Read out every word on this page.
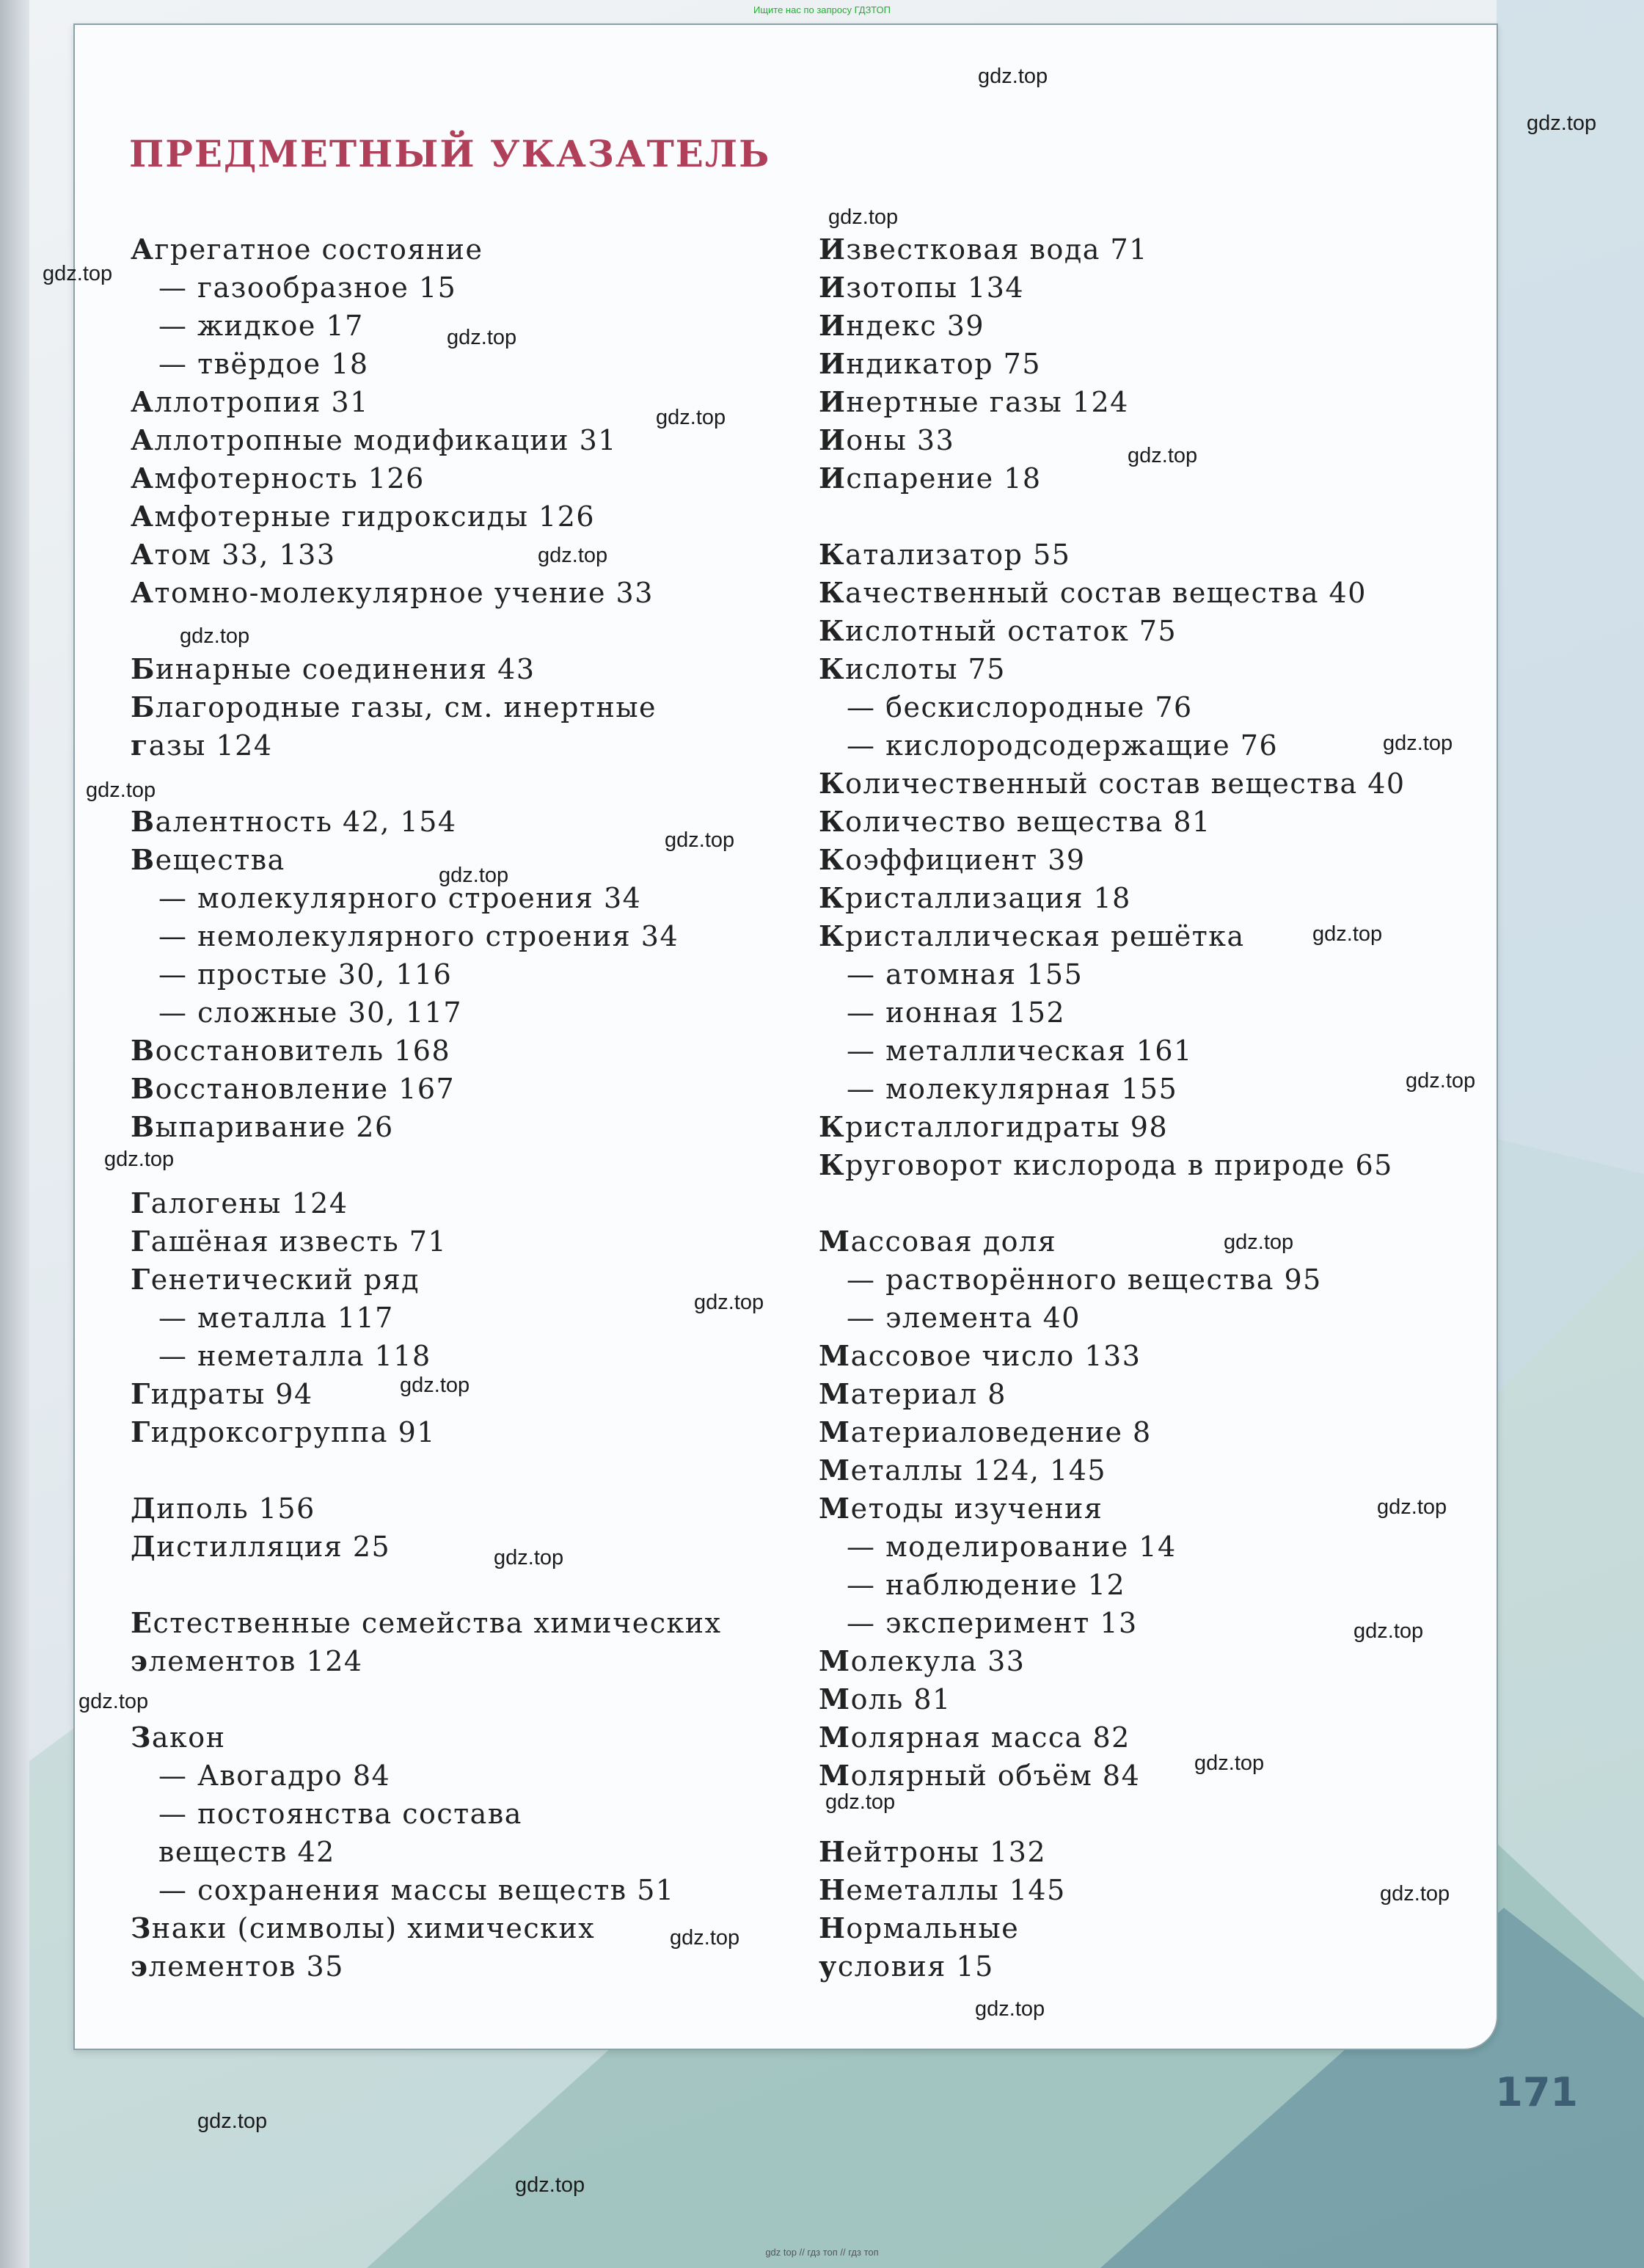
Ищите нас по запросу ГДЗТОП
ПРЕДМЕТНЫЙ УКАЗАТЕЛЬ
Агрегатное состояние
— газообразное 15
— жидкое 17
— твёрдое 18
Аллотропия 31
Аллотропные модификации 31
Амфотерность 126
Амфотерные гидроксиды 126
Атом 33, 133
Атомно-молекулярное учение 33
Бинарные соединения 43
Благородные газы, см. инертные
газы 124
Валентность 42, 154
Вещества
— молекулярного строения 34
— немолекулярного строения 34
— простые 30, 116
— сложные 30, 117
Восстановитель 168
Восстановление 167
Выпаривание 26
Галогены 124
Гашёная известь 71
Генетический ряд
— металла 117
— неметалла 118
Гидраты 94
Гидроксогруппа 91
Диполь 156
Дистилляция 25
Естественные семейства химических
элементов 124
Закон
— Авогадро 84
— постоянства состава
веществ 42
— сохранения массы веществ 51
Знаки (символы) химических
элементов 35
Известковая вода 71
Изотопы 134
Индекс 39
Индикатор 75
Инертные газы 124
Ионы 33
Испарение 18
Катализатор 55
Качественный состав вещества 40
Кислотный остаток 75
Кислоты 75
— бескислородные 76
— кислородсодержащие 76
Количественный состав вещества 40
Количество вещества 81
Коэффициент 39
Кристаллизация 18
Кристаллическая решётка
— атомная 155
— ионная 152
— металлическая 161
— молекулярная 155
Кристаллогидраты 98
Круговорот кислорода в природе 65
Массовая доля
— растворённого вещества 95
— элемента 40
Массовое число 133
Материал 8
Материаловедение 8
Металлы 124, 145
Методы изучения
— моделирование 14
— наблюдение 12
— эксперимент 13
Молекула 33
Моль 81
Молярная масса 82
Молярный объём 84
Нейтроны 132
Неметаллы 145
Нормальные
условия 15
171
gdz top // гдз топ // гдз топ
gdz.top
gdz.top
gdz.top
gdz.top
gdz.top
gdz.top
gdz.top
gdz.top
gdz.top
gdz.top
gdz.top
gdz.top
gdz.top
gdz.top
gdz.top
gdz.top
gdz.top
gdz.top
gdz.top
gdz.top
gdz.top
gdz.top
gdz.top
gdz.top
gdz.top
gdz.top
gdz.top
gdz.top
gdz.top
gdz.top
